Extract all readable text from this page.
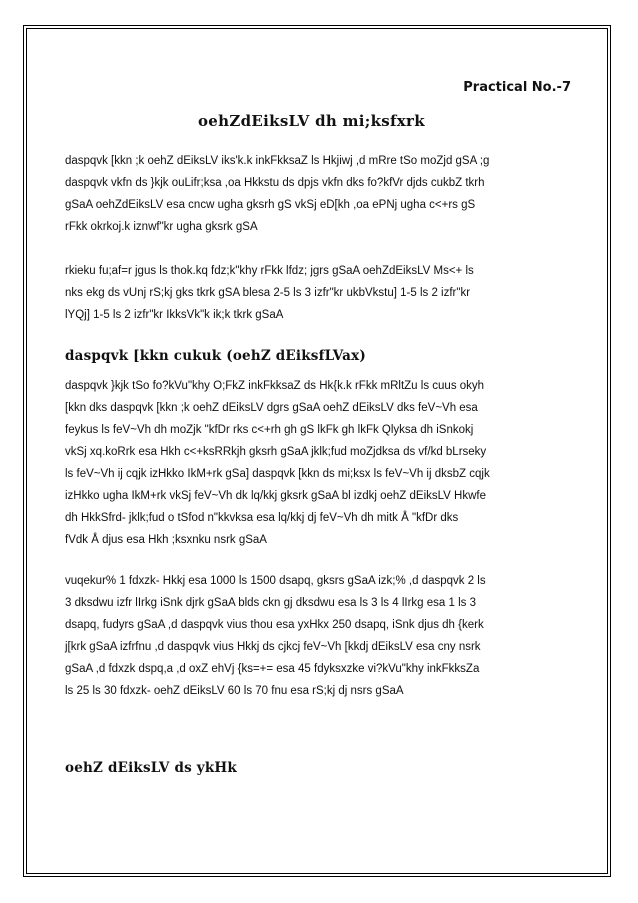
Practical No.-7
oehZdEiksLV dh mi;ksfxrk
daspqvk [kkn ;k oehZ dEiksLV iks'k.k inkFkksaZ ls Hkjiwj ,d mRre tSo moZjd gSA ;g
daspqvk vkfn ds }kjk ouLifr;ksa ,oa Hkkstu ds dpjs vkfn dks fo?kfVr djds cukbZ tkrh
gSaA oehZdEiksLV esa cncw ugha gksrh gS vkSj eD[kh ,oa ePNj ugha c<+rs gS
rFkk okrkoj.k iznwf"kr ugha gksrk gSA
rkieku fu;af=r jgus ls thok.kq fdz;k"khy rFkk lfdz; jgrs gSaA oehZdEiksLV Ms<+ ls
nks ekg ds vUnj rS;kj gks tkrk gSA blesa 2-5 ls 3 izfr"kr ukbVkstu] 1-5 ls 2 izfr"kr
lYQj] 1-5 ls 2 izfr"kr IkksVk"k ik;k tkrk gSaA
daspqvk [kkn cukuk (oehZ dEiksfLVax)
daspqvk }kjk tSo fo?kVu"khy O;FkZ inkFkksaZ ds Hk{k.k rFkk mRltZu ls cuus okyh
[kkn dks daspqvk [kkn ;k oehZ dEiksLV dgrs gSaA oehZ dEiksLV dks feV~Vh esa
feykus ls feV~Vh dh moZjk "kfDr rks c<+rh gh gS lkFk gh lkFk Qlyksa dh iSnkokj
vkSj xq.koRrk esa Hkh c<+ksRRkjh gksrh gSaA jklk;fud moZjdksa ds vf/kd bLrseky
ls feV~Vh ij cqjk izHkko IkM+rk gSa] daspqvk [kkn ds mi;ksx ls feV~Vh ij dksbZ cqjk
izHkko ugha IkM+rk vkSj feV~Vh dk lq/kkj gksrk gSaA bl izdkj oehZ dEiksLV Hkwfe
dh HkkSfrd- jklk;fud o tSfod n"kkvksa esa lq/kkj dj feV~Vh dh mitk Å "kfDr dks
fVdk Å djus esa Hkh ;ksxnku nsrk gSaA
vuqekur% 1 fdxzk- Hkkj esa 1000 ls 1500 dsapq, gksrs gSaA izk;% ,d daspqvk 2 ls
3 dksdwu izfr lIrkg iSnk djrk gSaA blds ckn gj dksdwu esa ls 3 ls 4 lIrkg esa 1 ls 3
dsapq, fudyrs gSaA ,d daspqvk vius thou esa yxHkx 250 dsapq, iSnk djus dh {kerk
j[krk gSaA izfrfnu ,d daspqvk vius Hkkj ds cjkcj feV~Vh [kkdj dEiksLV esa cny nsrk
gSaA ,d fdxzk dspq,a ,d oxZ ehVj {ks=+= esa 45 fdyksxzke vi?kVu"khy inkFkksZa
ls 25 ls 30 fdxzk- oehZ dEiksLV 60 ls 70 fnu esa rS;kj dj nsrs gSaA
oehZ dEiksLV ds ykHk
